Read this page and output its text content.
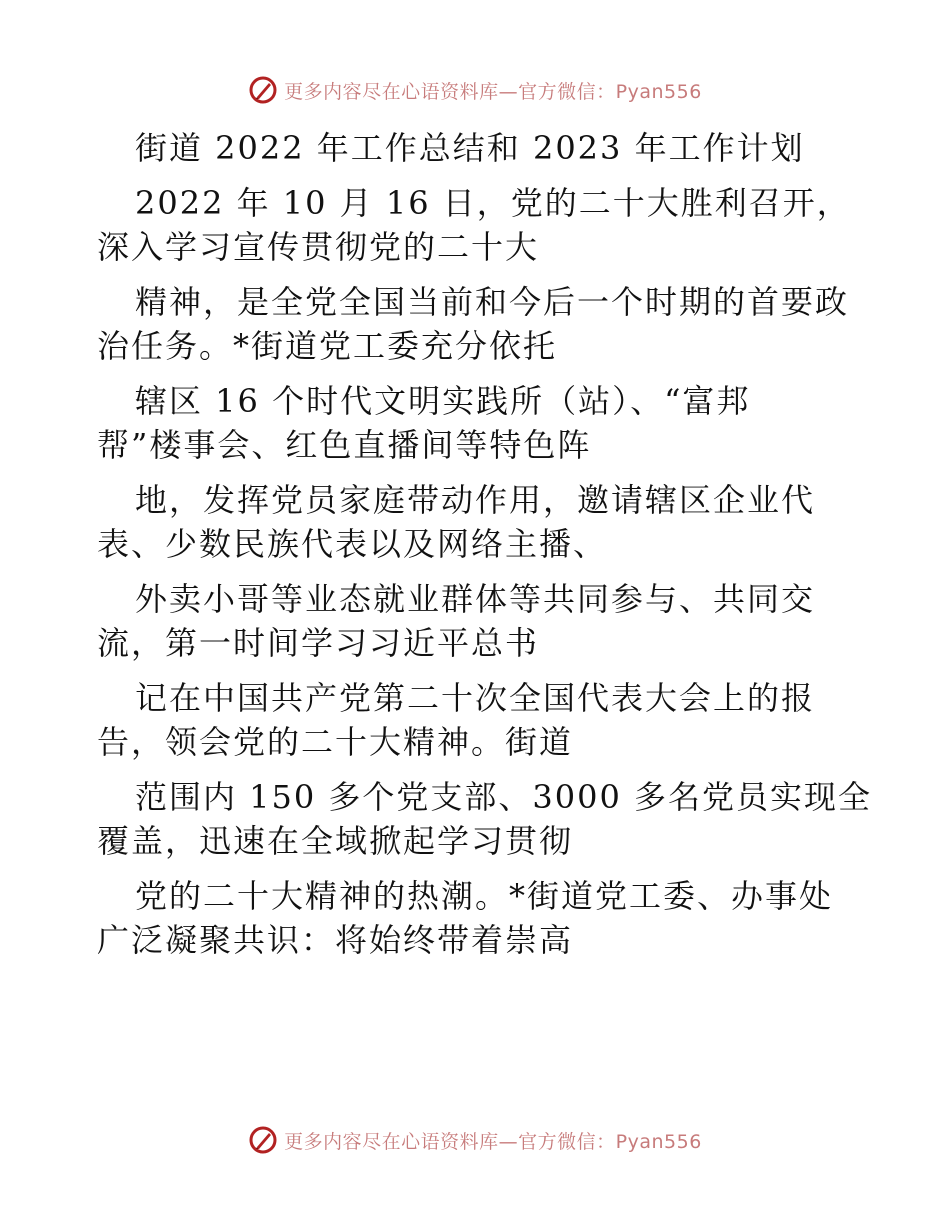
更多内容尽在心语资料库—官方微信：Pyan556
街道 2022 年工作总结和 2023 年工作计划
2022 年 10 月 16 日，党的二十大胜利召开，
深入学习宣传贯彻党的二十大
精神，是全党全国当前和今后一个时期的首要政
治任务。*街道党工委充分依托
辖区 16 个时代文明实践所（站）、“富邦
帮”楼事会、红色直播间等特色阵
地，发挥党员家庭带动作用，邀请辖区企业代
表、少数民族代表以及网络主播、
外卖小哥等业态就业群体等共同参与、共同交
流，第一时间学习习近平总书
记在中国共产党第二十次全国代表大会上的报
告，领会党的二十大精神。街道
范围内 150 多个党支部、3000 多名党员实现全
覆盖，迅速在全域掀起学习贯彻
党的二十大精神的热潮。*街道党工委、办事处
广泛凝聚共识：将始终带着崇高
更多内容尽在心语资料库—官方微信：Pyan556
